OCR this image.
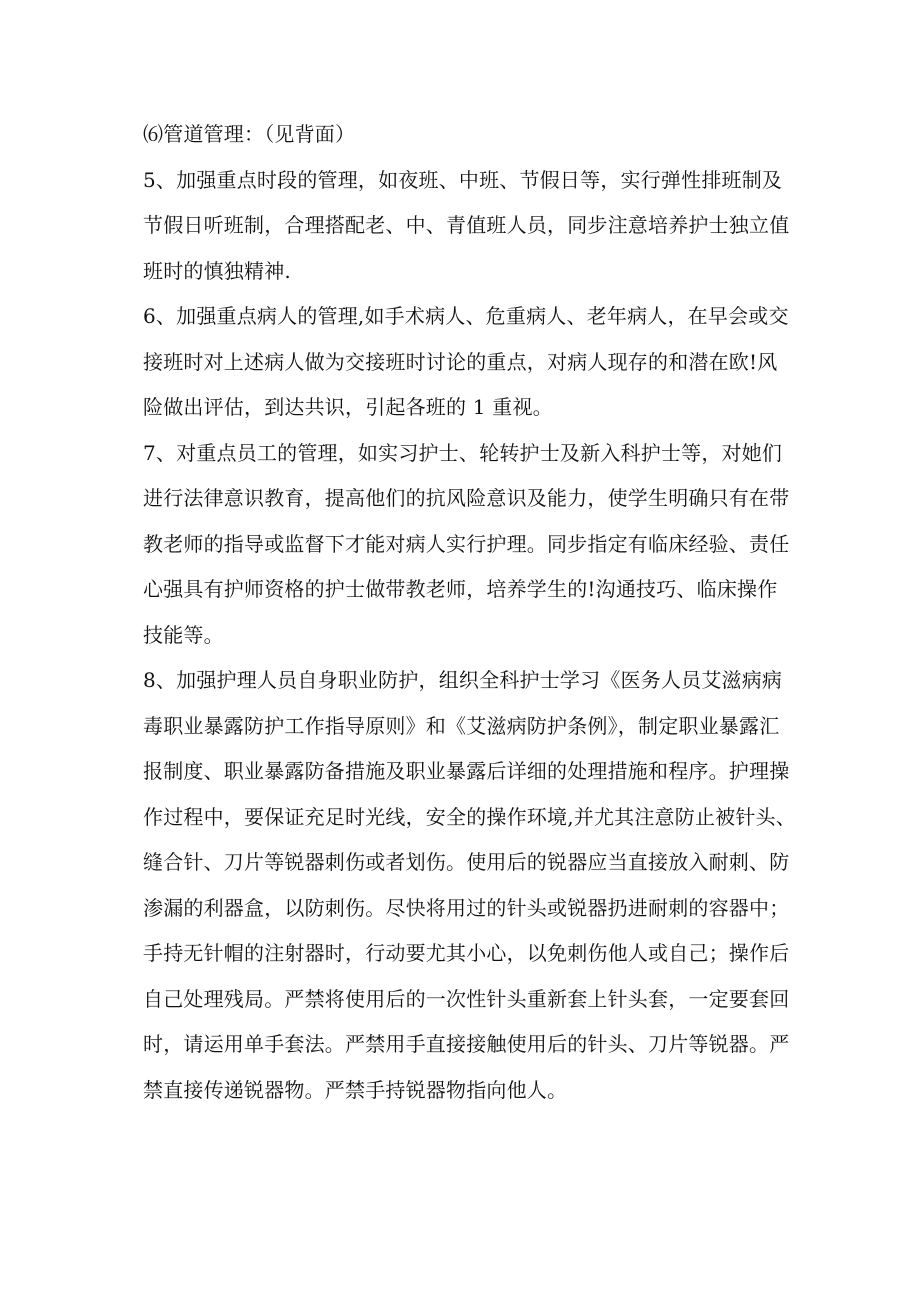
⑹管道管理：（见背面）

5、加强重点时段的管理，如夜班、中班、节假日等，实行弹性排班制及
节假日听班制，合理搭配老、中、青值班人员，同步注意培养护士独立值
班时的慎独精神.

6、加强重点病人的管理,如手术病人、危重病人、老年病人，在早会或交
接班时对上述病人做为交接班时讨论的重点，对病人现存的和潜在欧!风
险做出评估，到达共识，引起各班的 1 重视。

7、对重点员工的管理，如实习护士、轮转护士及新入科护士等，对她们
进行法律意识教育，提高他们的抗风险意识及能力，使学生明确只有在带
教老师的指导或监督下才能对病人实行护理。同步指定有临床经验、责任
心强具有护师资格的护士做带教老师，培养学生的!沟通技巧、临床操作
技能等。

8、加强护理人员自身职业防护，组织全科护士学习《医务人员艾滋病病
毒职业暴露防护工作指导原则》和《艾滋病防护条例》，制定职业暴露汇
报制度、职业暴露防备措施及职业暴露后详细的处理措施和程序。护理操
作过程中，要保证充足时光线，安全的操作环境,并尤其注意防止被针头、
缝合针、刀片等锐器刺伤或者划伤。使用后的锐器应当直接放入耐刺、防
渗漏的利器盒，以防刺伤。尽快将用过的针头或锐器扔进耐刺的容器中；
手持无针帽的注射器时，行动要尤其小心，以免刺伤他人或自己；操作后
自己处理残局。严禁将使用后的一次性针头重新套上针头套，一定要套回
时，请运用单手套法。严禁用手直接接触使用后的针头、刀片等锐器。严
禁直接传递锐器物。严禁手持锐器物指向他人。
